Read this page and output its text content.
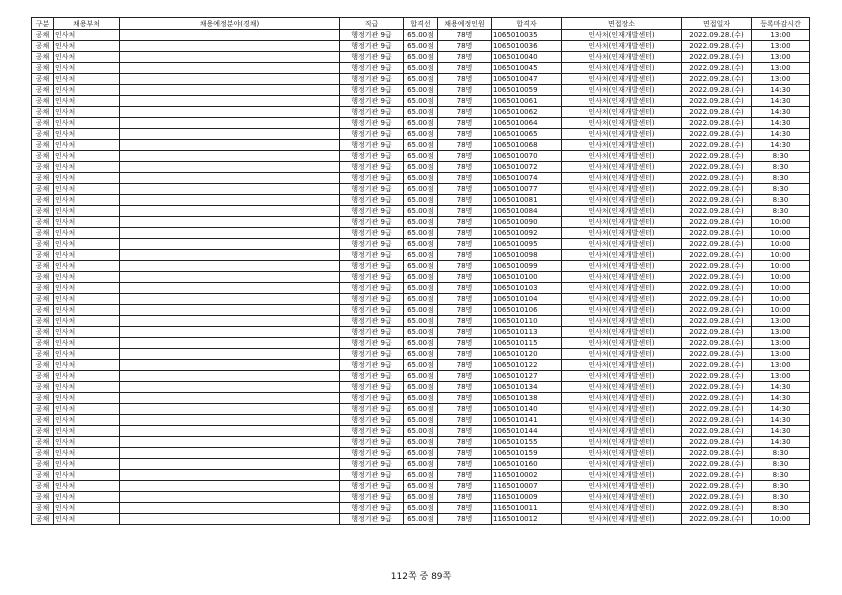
구분	채용부처	채용예정분야(경채)	직급	합격선	채용예정인원	합격자	면접장소	면접일자	등록마감시간
공채	인사처		행정기관 9급	65.00점	78명	1065010035	인사처(인재개발센터)	2022.09.28.(수)	13:00
공채	인사처		행정기관 9급	65.00점	78명	1065010036	인사처(인재개발센터)	2022.09.28.(수)	13:00
공채	인사처		행정기관 9급	65.00점	78명	1065010040	인사처(인재개발센터)	2022.09.28.(수)	13:00
공채	인사처		행정기관 9급	65.00점	78명	1065010045	인사처(인재개발센터)	2022.09.28.(수)	13:00
공채	인사처		행정기관 9급	65.00점	78명	1065010047	인사처(인재개발센터)	2022.09.28.(수)	13:00
공채	인사처		행정기관 9급	65.00점	78명	1065010059	인사처(인재개발센터)	2022.09.28.(수)	14:30
공채	인사처		행정기관 9급	65.00점	78명	1065010061	인사처(인재개발센터)	2022.09.28.(수)	14:30
공채	인사처		행정기관 9급	65.00점	78명	1065010062	인사처(인재개발센터)	2022.09.28.(수)	14:30
공채	인사처		행정기관 9급	65.00점	78명	1065010064	인사처(인재개발센터)	2022.09.28.(수)	14:30
공채	인사처		행정기관 9급	65.00점	78명	1065010065	인사처(인재개발센터)	2022.09.28.(수)	14:30
공채	인사처		행정기관 9급	65.00점	78명	1065010068	인사처(인재개발센터)	2022.09.28.(수)	14:30
공채	인사처		행정기관 9급	65.00점	78명	1065010070	인사처(인재개발센터)	2022.09.28.(수)	8:30
공채	인사처		행정기관 9급	65.00점	78명	1065010072	인사처(인재개발센터)	2022.09.28.(수)	8:30
공채	인사처		행정기관 9급	65.00점	78명	1065010074	인사처(인재개발센터)	2022.09.28.(수)	8:30
공채	인사처		행정기관 9급	65.00점	78명	1065010077	인사처(인재개발센터)	2022.09.28.(수)	8:30
공채	인사처		행정기관 9급	65.00점	78명	1065010081	인사처(인재개발센터)	2022.09.28.(수)	8:30
공채	인사처		행정기관 9급	65.00점	78명	1065010084	인사처(인재개발센터)	2022.09.28.(수)	8:30
공채	인사처		행정기관 9급	65.00점	78명	1065010090	인사처(인재개발센터)	2022.09.28.(수)	10:00
공채	인사처		행정기관 9급	65.00점	78명	1065010092	인사처(인재개발센터)	2022.09.28.(수)	10:00
공채	인사처		행정기관 9급	65.00점	78명	1065010095	인사처(인재개발센터)	2022.09.28.(수)	10:00
공채	인사처		행정기관 9급	65.00점	78명	1065010098	인사처(인재개발센터)	2022.09.28.(수)	10:00
공채	인사처		행정기관 9급	65.00점	78명	1065010099	인사처(인재개발센터)	2022.09.28.(수)	10:00
공채	인사처		행정기관 9급	65.00점	78명	1065010100	인사처(인재개발센터)	2022.09.28.(수)	10:00
공채	인사처		행정기관 9급	65.00점	78명	1065010103	인사처(인재개발센터)	2022.09.28.(수)	10:00
공채	인사처		행정기관 9급	65.00점	78명	1065010104	인사처(인재개발센터)	2022.09.28.(수)	10:00
공채	인사처		행정기관 9급	65.00점	78명	1065010106	인사처(인재개발센터)	2022.09.28.(수)	10:00
공채	인사처		행정기관 9급	65.00점	78명	1065010110	인사처(인재개발센터)	2022.09.28.(수)	13:00
공채	인사처		행정기관 9급	65.00점	78명	1065010113	인사처(인재개발센터)	2022.09.28.(수)	13:00
공채	인사처		행정기관 9급	65.00점	78명	1065010115	인사처(인재개발센터)	2022.09.28.(수)	13:00
공채	인사처		행정기관 9급	65.00점	78명	1065010120	인사처(인재개발센터)	2022.09.28.(수)	13:00
공채	인사처		행정기관 9급	65.00점	78명	1065010122	인사처(인재개발센터)	2022.09.28.(수)	13:00
공채	인사처		행정기관 9급	65.00점	78명	1065010127	인사처(인재개발센터)	2022.09.28.(수)	13:00
공채	인사처		행정기관 9급	65.00점	78명	1065010134	인사처(인재개발센터)	2022.09.28.(수)	14:30
공채	인사처		행정기관 9급	65.00점	78명	1065010138	인사처(인재개발센터)	2022.09.28.(수)	14:30
공채	인사처		행정기관 9급	65.00점	78명	1065010140	인사처(인재개발센터)	2022.09.28.(수)	14:30
공채	인사처		행정기관 9급	65.00점	78명	1065010141	인사처(인재개발센터)	2022.09.28.(수)	14:30
공채	인사처		행정기관 9급	65.00점	78명	1065010144	인사처(인재개발센터)	2022.09.28.(수)	14:30
공채	인사처		행정기관 9급	65.00점	78명	1065010155	인사처(인재개발센터)	2022.09.28.(수)	14:30
공채	인사처		행정기관 9급	65.00점	78명	1065010159	인사처(인재개발센터)	2022.09.28.(수)	8:30
공채	인사처		행정기관 9급	65.00점	78명	1065010160	인사처(인재개발센터)	2022.09.28.(수)	8:30
공채	인사처		행정기관 9급	65.00점	78명	1165010002	인사처(인재개발센터)	2022.09.28.(수)	8:30
공채	인사처		행정기관 9급	65.00점	78명	1165010007	인사처(인재개발센터)	2022.09.28.(수)	8:30
공채	인사처		행정기관 9급	65.00점	78명	1165010009	인사처(인재개발센터)	2022.09.28.(수)	8:30
공채	인사처		행정기관 9급	65.00점	78명	1165010011	인사처(인재개발센터)	2022.09.28.(수)	8:30
공채	인사처		행정기관 9급	65.00점	78명	1165010012	인사처(인재개발센터)	2022.09.28.(수)	10:00
112쪽 중 89쪽
